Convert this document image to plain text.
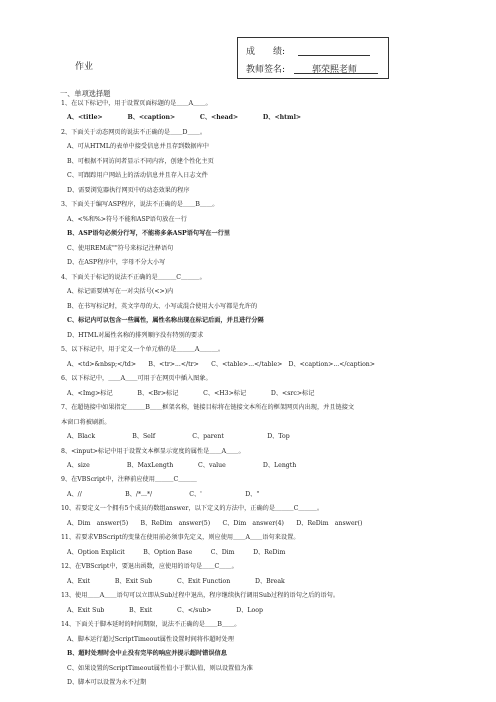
成　　绩:
教师签名:	郭荣熙老师
作业
一、单项选择题
1、在以下标记中，用于设置页面标题的是＿＿A＿＿。
A、<title>　　　　B、<caption>　　　　C、<head>　　　　D、<html>
2、下面关于动态网页的说法不正确的是＿＿D＿＿。
A、可从HTML的表单中接受信息并且存到数据库中
B、可根据不同访问者显示不同内容，创建个性化主页
C、可跟踪用户网站上的活动信息并且存入日志文件
D、需要浏览器执行网页中的动态效果的程序
3、下面关于编写ASP程序，说法不正确的是＿＿B＿＿。
A、<%和%>符号不能和ASP语句放在一行
B、ASP语句必须分行写，不能将多条ASP语句写在一行里
C、使用REM或""符号来标记注释语句
D、在ASP程序中，字母不分大小写
4、下面关于标记的说法不正确的是＿＿＿C＿＿＿。
A、标记需要填写在一对尖括号(<>)内
B、在书写标记时，英文字母的大、小写或混合使用大小写都是允许的
C、标记内可以包含一些属性，属性名称出现在标记后面，并且进行分隔
D、HTML对属性名称的排列顺序没有特别的要求
5、以下标记中，用于定义一个单元格的是＿＿＿A＿＿＿。
A、<td>&nbsp;</td>　　B、<tr>...</tr>　　C、<table>...</table>　D、<caption>...</caption>
6、以下标记中，＿＿A＿＿可用于在网页中插入图象。
A、<Img>标记　　　　B、<Br>标记　　　　C、<H3>标记　　　　D、<src>标记
7、在超链接中如果指定＿＿＿B＿＿框架名称，链接目标将在链接文本所在的框架网页内出现，并且链接文
本窗口将被刷新。
A、Black　　　　　　B、Self　　　　　　C、parent　　　　　　　D、Top
8、<input>标记中用于设置文本框显示宽度的属性是＿＿A＿＿。
A、size　　　　　　B、MaxLength　　　　C、value　　　　　　D、Length
9、在VBScript中，注释前应使用＿＿＿C＿＿＿
A、//　　　　　　　B、/*...*/　　　　　　C、'　　　　　　　D、"
10、若要定义一个拥有5个成员的数组answer，以下定义的方法中，正确的是＿＿＿C＿＿＿。
A、Dim　answer(5)　　B、ReDim　answer(5)　　C、Dim　answer(4)　　D、ReDim　answer()
11、若要求VBScript的变量在使用前必须事先定义，则应使用＿＿A＿＿语句来设置。
A、Option Explicit　　　B、Option Base　　　C、Dim　　　D、ReDim
12、在VBScript中，要退出函数，应使用的语句是＿＿C＿＿。
A、Exit　　　　B、Exit Sub　　　　C、Exit Function　　　　D、Break
13、使用＿＿A＿＿语句可以立即从Sub过程中退出，程序继续执行调用Sub过程的语句之后的语句。
A、Exit Sub　　　　B、Exit　　　　C、</sub>　　　　D、Loop
14、下面关于脚本延时的时间期限，说法不正确的是＿＿B＿＿。
A、脚本运行超过ScriptTimeout属性设置时间将作超时处理
B、超时处理时会中止没有完毕的响应并提示超时错误信息
C、如果设置的ScriptTimeout属性值小于默认值，则以设置值为准
D、脚本可以设置为永不过期
